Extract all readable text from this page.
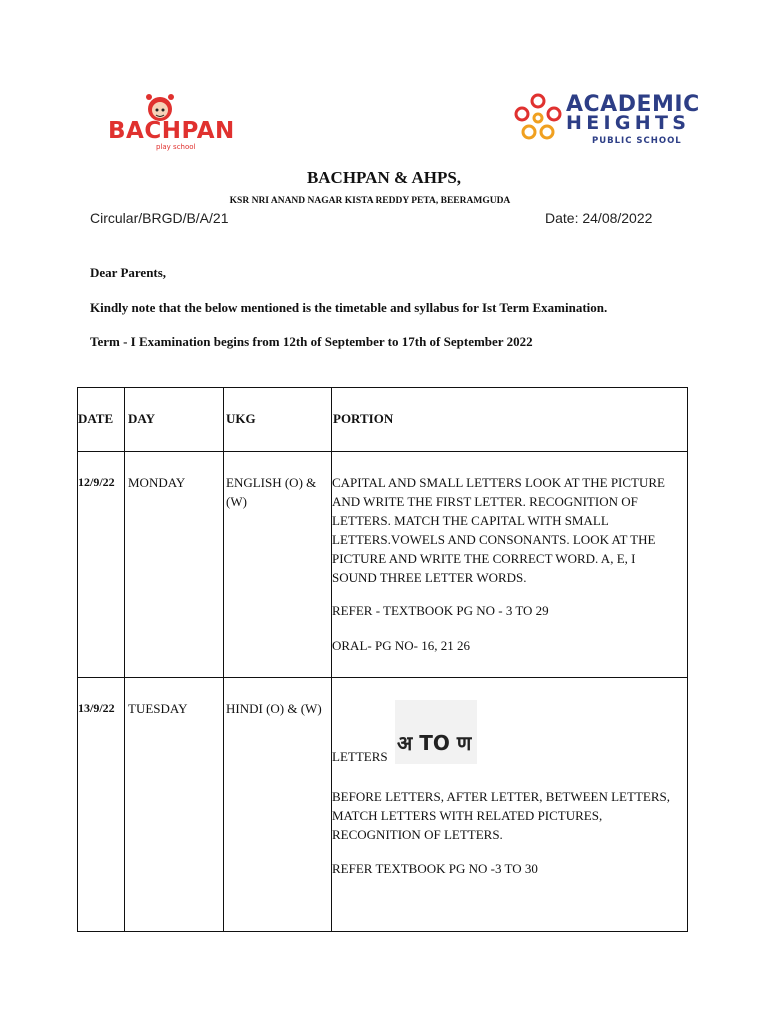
BACHPAN
play school
ACADEMIC
HEIGHTS
PUBLIC SCHOOL
BACHPAN & AHPS,
KSR NRI ANAND NAGAR KISTA REDDY PETA, BEERAMGUDA
Circular/BRGD/B/A/21	Date: 24/08/2022
Dear Parents,
Kindly note that the below mentioned is the timetable and syllabus for Ist Term Examination.
Term - I Examination begins from 12th of September to 17th of September 2022
DATE DAY	UKG	PORTION
12/9/22 MONDAY	ENGLISH (O) & (W)
CAPITAL AND SMALL LETTERS LOOK AT THE PICTURE AND WRITE THE FIRST LETTER. RECOGNITION OF LETTERS. MATCH THE CAPITAL WITH SMALL LETTERS.VOWELS AND CONSONANTS. LOOK AT THE PICTURE AND WRITE THE CORRECT WORD. A, E, I SOUND THREE LETTER WORDS.
REFER - TEXTBOOK PG NO - 3 TO 29
ORAL- PG NO- 16, 21 26
13/9/22 TUESDAY	HINDI (O) & (W)
LETTERS
अ TO ण
BEFORE LETTERS, AFTER LETTER, BETWEEN LETTERS, MATCH LETTERS WITH RELATED PICTURES, RECOGNITION OF LETTERS.
REFER TEXTBOOK PG NO -3 TO 30
